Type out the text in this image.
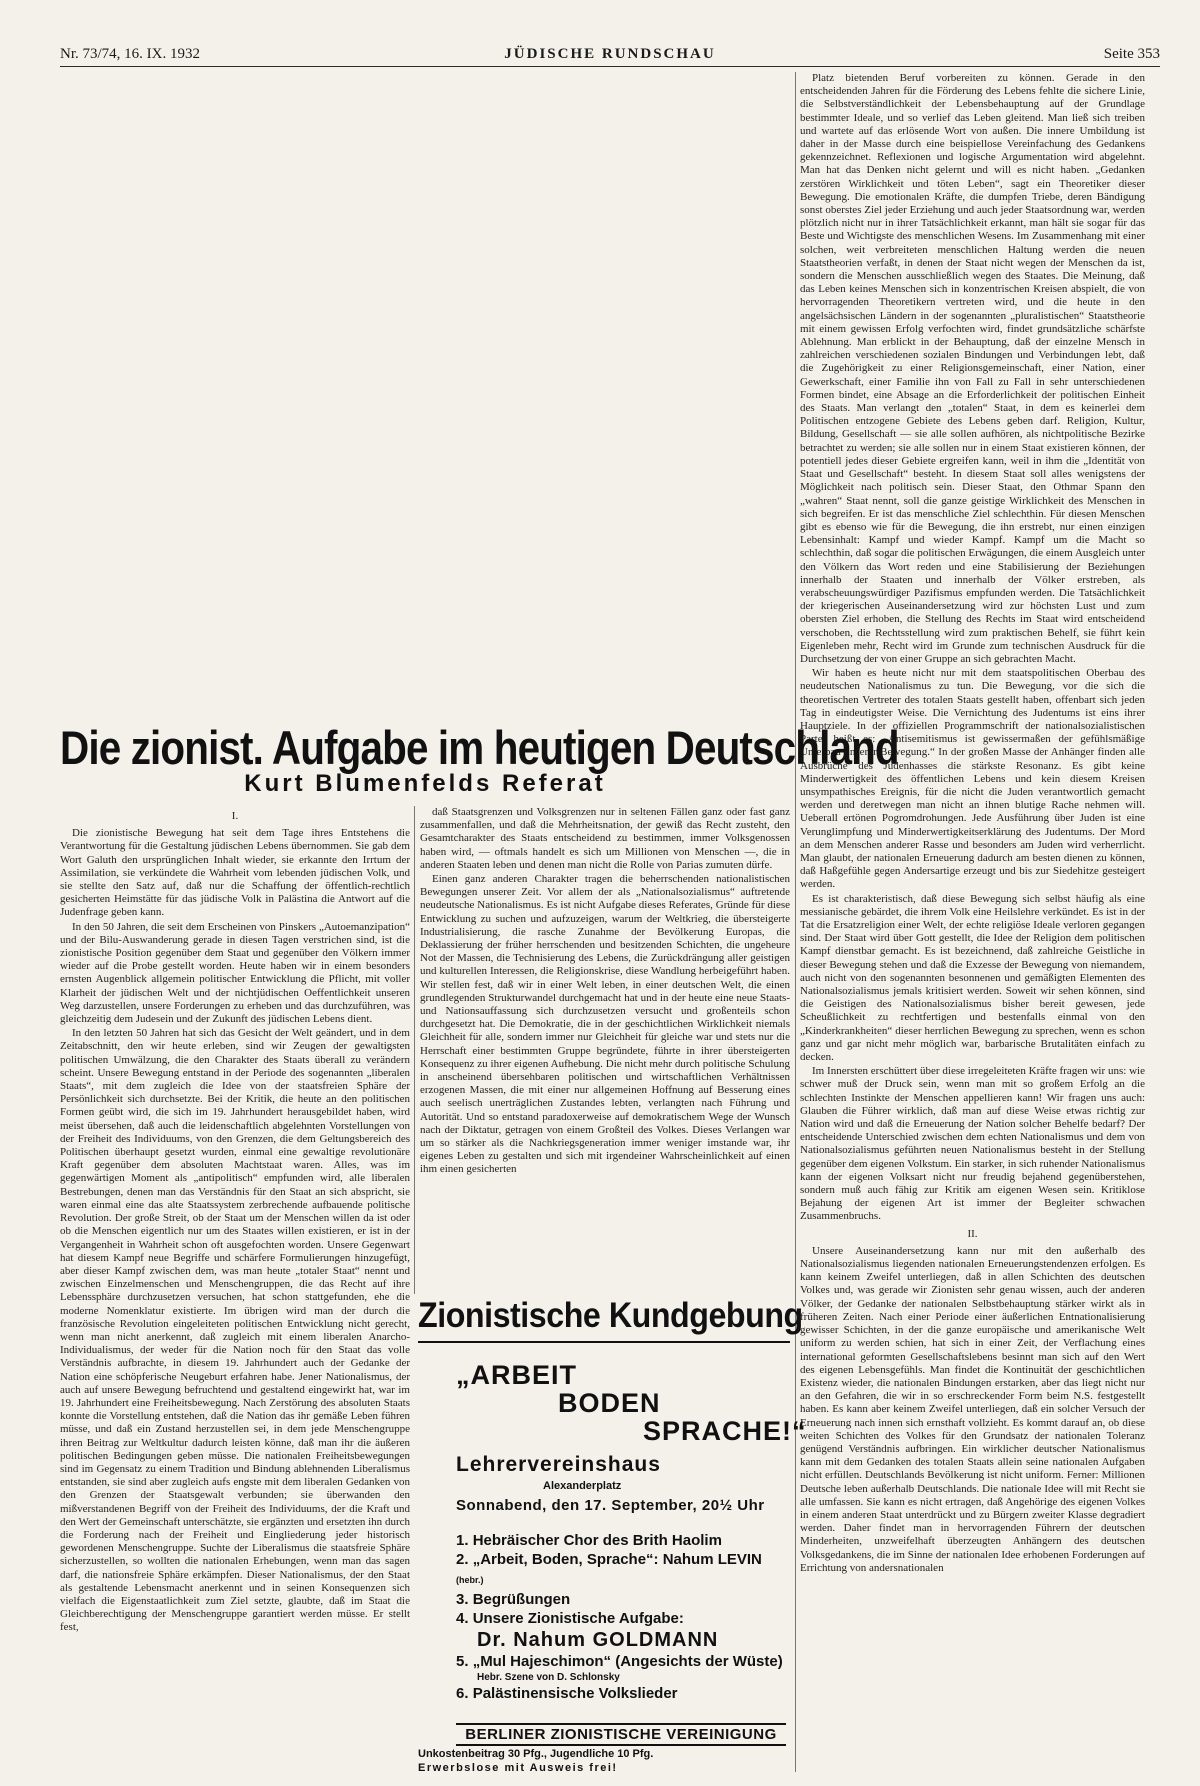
Nr. 73/74, 16. IX. 1932	JÜDISCHE RUNDSCHAU	Seite 353

Platz bietenden Beruf vorbereiten zu können. Gerade in den entscheidenden Jahren für die Förderung des Lebens fehlte die sichere Linie, die Selbstverständlichkeit der Lebensbehauptung auf der Grundlage bestimmter Ideale, und so verlief das Leben gleitend. Man ließ sich treiben und wartete auf das erlösende Wort von außen. Die innere Umbildung ist daher in der Masse durch eine beispiellose Vereinfachung des Gedankens gekennzeichnet. Reflexionen und logische Argumentation wird abgelehnt. Man hat das Denken nicht gelernt und will es nicht haben. „Gedanken zerstören Wirklichkeit und töten Leben“, sagt ein Theoretiker dieser Bewegung. Die emotionalen Kräfte, die dumpfen Triebe, deren Bändigung sonst oberstes Ziel jeder Erziehung und auch jeder Staatsordnung war, werden plötzlich nicht nur in ihrer Tatsächlichkeit erkannt, man hält sie sogar für das Beste und Wichtigste des menschlichen Wesens. Im Zusammenhang mit einer solchen, weit verbreiteten menschlichen Haltung werden die neuen Staatstheorien verfaßt, in denen der Staat nicht wegen der Menschen da ist, sondern die Menschen ausschließlich wegen des Staates. Die Meinung, daß das Leben keines Menschen sich in konzentrischen Kreisen abspielt, die von hervorragenden Theoretikern vertreten wird, und die heute in den angelsächsischen Ländern in der sogenannten „pluralistischen“ Staatstheorie mit einem gewissen Erfolg verfochten wird, findet grundsätzliche schärfste Ablehnung. Man erblickt in der Behauptung, daß der einzelne Mensch in zahlreichen verschiedenen sozialen Bindungen und Verbindungen lebt, daß die Zugehörigkeit zu einer Religionsgemeinschaft, einer Nation, einer Gewerkschaft, einer Familie ihn von Fall zu Fall in sehr unterschiedenen Formen bindet, eine Absage an die Erforderlichkeit der politischen Einheit des Staats. Man verlangt den „totalen“ Staat, in dem es keinerlei dem Politischen entzogene Gebiete des Lebens geben darf. Religion, Kultur, Bildung, Gesellschaft — sie alle sollen aufhören, als nichtpolitische Bezirke betrachtet zu werden; sie alle sollen nur in einem Staat existieren können, der potentiell jedes dieser Gebiete ergreifen kann, weil in ihm die „Identität von Staat und Gesellschaft“ besteht. In diesem Staat soll alles wenigstens der Möglichkeit nach politisch sein. Dieser Staat, den Othmar Spann den „wahren“ Staat nennt, soll die ganze geistige Wirklichkeit des Menschen in sich begreifen. Er ist das menschliche Ziel schlechthin. Für diesen Menschen gibt es ebenso wie für die Bewegung, die ihn erstrebt, nur einen einzigen Lebensinhalt: Kampf und wieder Kampf. Kampf um die Macht so schlechthin, daß sogar die politischen Erwägungen, die einem Ausgleich unter den Völkern das Wort reden und eine Stabilisierung der Beziehungen innerhalb der Staaten und innerhalb der Völker erstreben, als verabscheuungswürdiger Pazifismus empfunden werden. Die Tatsächlichkeit der kriegerischen Auseinandersetzung wird zur höchsten Lust und zum obersten Ziel erhoben, die Stellung des Rechts im Staat wird entscheidend verschoben, die Rechtsstellung wird zum praktischen Behelf, sie führt kein Eigenleben mehr, Recht wird im Grunde zum technischen Ausdruck für die Durchsetzung der von einer Gruppe an sich gebrachten Macht.

Wir haben es heute nicht nur mit dem staatspolitischen Oberbau des neudeutschen Nationalismus zu tun. Die Bewegung, vor die sich die theoretischen Vertreter des totalen Staats gestellt haben, offenbart sich jeden Tag in eindeutigster Weise. Die Vernichtung des Judentums ist eins ihrer Hauptziele. In der offiziellen Programmschrift der nationalsozialistischen Partei heißt es: „Antisemitismus ist gewissermaßen der gefühlsmäßige Unterbau unserer Bewegung.“ In der großen Masse der Anhänger finden alle Ausbrüche des Judenhasses die stärkste Resonanz. Es gibt keine Minderwertigkeit des öffentlichen Lebens und kein diesem Kreisen unsympathisches Ereignis, für die nicht die Juden verantwortlich gemacht werden und deretwegen man nicht an ihnen blutige Rache nehmen will. Ueberall ertönen Pogromdrohungen. Jede Ausführung über Juden ist eine Verunglimpfung und Minderwertigkeitserklärung des Judentums. Der Mord an dem Menschen anderer Rasse und besonders am Juden wird verherrlicht. Man glaubt, der nationalen Erneuerung dadurch am besten dienen zu können, daß Haßgefühle gegen Andersartige erzeugt und bis zur Siedehitze gesteigert werden.

Es ist charakteristisch, daß diese Bewegung sich selbst häufig als eine messianische gebärdet, die ihrem Volk eine Heilslehre verkündet. Es ist in der Tat die Ersatzreligion einer Welt, der echte religiöse Ideale verloren gegangen sind. Der Staat wird über Gott gestellt, die Idee der Religion dem politischen Kampf dienstbar gemacht. Es ist bezeichnend, daß zahlreiche Geistliche in dieser Bewegung stehen und daß die Exzesse der Bewegung von niemandem, auch nicht von den sogenannten besonnenen und gemäßigten Elementen des Nationalsozialismus jemals kritisiert werden. Soweit wir sehen können, sind die Geistigen des Nationalsozialismus bisher bereit gewesen, jede Scheußlichkeit zu rechtfertigen und bestenfalls einmal von den „Kinderkrankheiten“ dieser herrlichen Bewegung zu sprechen, wenn es schon ganz und gar nicht mehr möglich war, barbarische Brutalitäten einfach zu decken.

Im Innersten erschüttert über diese irregeleiteten Kräfte fragen wir uns: wie schwer muß der Druck sein, wenn man mit so großem Erfolg an die schlechten Instinkte der Menschen appellieren kann! Wir fragen uns auch: Glauben die Führer wirklich, daß man auf diese Weise etwas richtig zur Nation wird und daß die Erneuerung der Nation solcher Behelfe bedarf? Der entscheidende Unterschied zwischen dem echten Nationalismus und dem von Nationalsozialismus geführten neuen Nationalismus besteht in der Stellung gegenüber dem eigenen Volkstum. Ein starker, in sich ruhender Nationalismus kann der eigenen Volksart nicht nur freudig bejahend gegenüberstehen, sondern muß auch fähig zur Kritik am eigenen Wesen sein. Kritiklose Bejahung der eigenen Art ist immer der Begleiter schwachen Zusammenbruchs.

II.

Unsere Auseinandersetzung kann nur mit den außerhalb des Nationalsozialismus liegenden nationalen Erneuerungstendenzen erfolgen. Es kann keinem Zweifel unterliegen, daß in allen Schichten des deutschen Volkes und, was gerade wir Zionisten sehr genau wissen, auch der anderen Völker, der Gedanke der nationalen Selbstbehauptung stärker wirkt als in früheren Zeiten. Nach einer Periode einer äußerlichen Entnationalisierung gewisser Schichten, in der die ganze europäische und amerikanische Welt uniform zu werden schien, hat sich in einer Zeit, der Verflachung eines international geformten Gesellschaftslebens besinnt man sich auf den Wert des eigenen Lebensgefühls. Man findet die Kontinuität der geschichtlichen Existenz wieder, die nationalen Bindungen erstarken, aber das liegt nicht nur an den Gefahren, die wir in so erschreckender Form beim N.S. festgestellt haben. Es kann aber keinem Zweifel unterliegen, daß ein solcher Versuch der Erneuerung nach innen sich ernsthaft vollzieht. Es kommt darauf an, ob diese weiten Schichten des Volkes für den Grundsatz der nationalen Toleranz genügend Verständnis aufbringen. Ein wirklicher deutscher Nationalismus kann mit dem Gedanken des totalen Staats allein seine nationalen Aufgaben nicht erfüllen. Deutschlands Bevölkerung ist nicht uniform. Ferner: Millionen Deutsche leben außerhalb Deutschlands. Die nationale Idee will mit Recht sie alle umfassen. Sie kann es nicht ertragen, daß Angehörige des eigenen Volkes in einem anderen Staat unterdrückt und zu Bürgern zweiter Klasse degradiert werden. Daher findet man in hervorragenden Führern der deutschen Minderheiten, unzweifelhaft überzeugten Anhängern des deutschen Volksgedankens, die im Sinne der nationalen Idee erhobenen Forderungen auf Errichtung von andersnationalen

Die zionist. Aufgabe im heutigen Deutschland
Kurt Blumenfelds Referat

I.

Die zionistische Bewegung hat seit dem Tage ihres Entstehens die Verantwortung für die Gestaltung jüdischen Lebens übernommen. Sie gab dem Wort Galuth den ursprünglichen Inhalt wieder, sie erkannte den Irrtum der Assimilation, sie verkündete die Wahrheit vom lebenden jüdischen Volk, und sie stellte den Satz auf, daß nur die Schaffung der öffentlich-rechtlich gesicherten Heimstätte für das jüdische Volk in Palästina die Antwort auf die Judenfrage geben kann.

In den 50 Jahren, die seit dem Erscheinen von Pinskers „Autoemanzipation“ und der Bilu-Auswanderung gerade in diesen Tagen verstrichen sind, ist die zionistische Position gegenüber dem Staat und gegenüber den Völkern immer wieder auf die Probe gestellt worden. Heute haben wir in einem besonders ernsten Augenblick allgemein politischer Entwicklung die Pflicht, mit voller Klarheit der jüdischen Welt und der nichtjüdischen Oeffentlichkeit unseren Weg darzustellen, unsere Forderungen zu erheben und das durchzuführen, was gleichzeitig dem Judesein und der Zukunft des jüdischen Lebens dient.

In den letzten 50 Jahren hat sich das Gesicht der Welt geändert, und in dem Zeitabschnitt, den wir heute erleben, sind wir Zeugen der gewaltigsten politischen Umwälzung, die den Charakter des Staats überall zu verändern scheint. Unsere Bewegung entstand in der Periode des sogenannten „liberalen Staats“, mit dem zugleich die Idee von der staatsfreien Sphäre der Persönlichkeit sich durchsetzte. Bei der Kritik, die heute an den politischen Formen geübt wird, die sich im 19. Jahrhundert herausgebildet haben, wird meist übersehen, daß auch die leidenschaftlich abgelehnten Vorstellungen von der Freiheit des Individuums, von den Grenzen, die dem Geltungsbereich des Politischen überhaupt gesetzt wurden, einmal eine gewaltige revolutionäre Kraft gegenüber dem absoluten Machtstaat waren. Alles, was im gegenwärtigen Moment als „antipolitisch“ empfunden wird, alle liberalen Bestrebungen, denen man das Verständnis für den Staat an sich abspricht, sie waren einmal eine das alte Staatssystem zerbrechende aufbauende politische Revolution. Der große Streit, ob der Staat um der Menschen willen da ist oder ob die Menschen eigentlich nur um des Staates willen existieren, er ist in der Vergangenheit in Wahrheit schon oft ausgefochten worden. Unsere Gegenwart hat diesem Kampf neue Begriffe und schärfere Formulierungen hinzugefügt, aber dieser Kampf zwischen dem, was man heute „totaler Staat“ nennt und zwischen Einzelmenschen und Menschengruppen, die das Recht auf ihre Lebenssphäre durchzusetzen versuchen, hat schon stattgefunden, ehe die moderne Nomenklatur existierte. Im übrigen wird man der durch die französische Revolution eingeleiteten politischen Entwicklung nicht gerecht, wenn man nicht anerkennt, daß zugleich mit einem liberalen Anarcho-Individualismus, der weder für die Nation noch für den Staat das volle Verständnis aufbrachte, in diesem 19. Jahrhundert auch der Gedanke der Nation eine schöpferische Neugeburt erfahren habe. Jener Nationalismus, der auch auf unsere Bewegung befruchtend und gestaltend eingewirkt hat, war im 19. Jahrhundert eine Freiheitsbewegung. Nach Zerstörung des absoluten Staats konnte die Vorstellung entstehen, daß die Nation das ihr gemäße Leben führen müsse, und daß ein Zustand herzustellen sei, in dem jede Menschengruppe ihren Beitrag zur Weltkultur dadurch leisten könne, daß man ihr die äußeren politischen Bedingungen geben müsse. Die nationalen Freiheitsbewegungen sind im Gegensatz zu einem Tradition und Bindung ablehnenden Liberalismus entstanden, sie sind aber zugleich aufs engste mit dem liberalen Gedanken von den Grenzen der Staatsgewalt verbunden; sie überwanden den mißverstandenen Begriff von der Freiheit des Individuums, der die Kraft und den Wert der Gemeinschaft unterschätzte, sie ergänzten und ersetzten ihn durch die Forderung nach der Freiheit und Eingliederung jeder historisch gewordenen Menschengruppe. Suchte der Liberalismus die staatsfreie Sphäre sicherzustellen, so wollten die nationalen Erhebungen, wenn man das sagen darf, die nationsfreie Sphäre erkämpfen. Dieser Nationalismus, der den Staat als gestaltende Lebensmacht anerkennt und in seinen Konsequenzen sich vielfach die Eigenstaatlichkeit zum Ziel setzte, glaubte, daß im Staat die Gleichberechtigung der Menschengruppe garantiert werden müsse. Er stellt fest,

daß Staatsgrenzen und Volksgrenzen nur in seltenen Fällen ganz oder fast ganz zusammenfallen, und daß die Mehrheitsnation, der gewiß das Recht zusteht, den Gesamtcharakter des Staats entscheidend zu bestimmen, immer Volksgenossen haben wird, — oftmals handelt es sich um Millionen von Menschen —, die in anderen Staaten leben und denen man nicht die Rolle von Parias zumuten dürfe.

Einen ganz anderen Charakter tragen die beherrschenden nationalistischen Bewegungen unserer Zeit. Vor allem der als „Nationalsozialismus“ auftretende neudeutsche Nationalismus. Es ist nicht Aufgabe dieses Referates, Gründe für diese Entwicklung zu suchen und aufzuzeigen, warum der Weltkrieg, die übersteigerte Industrialisierung, die rasche Zunahme der Bevölkerung Europas, die Deklassierung der früher herrschenden und besitzenden Schichten, die ungeheure Not der Massen, die Technisierung des Lebens, die Zurückdrängung aller geistigen und kulturellen Interessen, die Religionskrise, diese Wandlung herbeigeführt haben. Wir stellen fest, daß wir in einer Welt leben, in einer deutschen Welt, die einen grundlegenden Strukturwandel durchgemacht hat und in der heute eine neue Staats- und Nationsauffassung sich durchzusetzen versucht und großenteils schon durchgesetzt hat. Die Demokratie, die in der geschichtlichen Wirklichkeit niemals Gleichheit für alle, sondern immer nur Gleichheit für gleiche war und stets nur die Herrschaft einer bestimmten Gruppe begründete, führte in ihrer übersteigerten Konsequenz zu ihrer eigenen Aufhebung. Die nicht mehr durch politische Schulung in anscheinend übersehbaren politischen und wirtschaftlichen Verhältnissen erzogenen Massen, die mit einer nur allgemeinen Hoffnung auf Besserung eines auch seelisch unerträglichen Zustandes lebten, verlangten nach Führung und Autorität. Und so entstand paradoxerweise auf demokratischem Wege der Wunsch nach der Diktatur, getragen von einem Großteil des Volkes. Dieses Verlangen war um so stärker als die Nachkriegsgeneration immer weniger imstande war, ihr eigenes Leben zu gestalten und sich mit irgendeiner Wahrscheinlichkeit auf einen ihm einen gesicherten

Zionistische Kundgebung
„ARBEIT
BODEN
SPRACHE!“
Lehrervereinshaus
Alexanderplatz
Sonnabend, den 17. September, 20½ Uhr
1. Hebräischer Chor des Brith Haolim
2. „Arbeit, Boden, Sprache“: Nahum LEVIN (hebr.)
3. Begrüßungen
4. Unsere Zionistische Aufgabe:
Dr. Nahum GOLDMANN
5. „Mul Hajeschimon“ (Angesichts der Wüste)
Hebr. Szene von D. Schlonsky
6. Palästinensische Volkslieder
BERLINER ZIONISTISCHE VEREINIGUNG
Unkostenbeitrag 30 Pfg., Jugendliche 10 Pfg.
Erwerbslose mit Ausweis frei!
